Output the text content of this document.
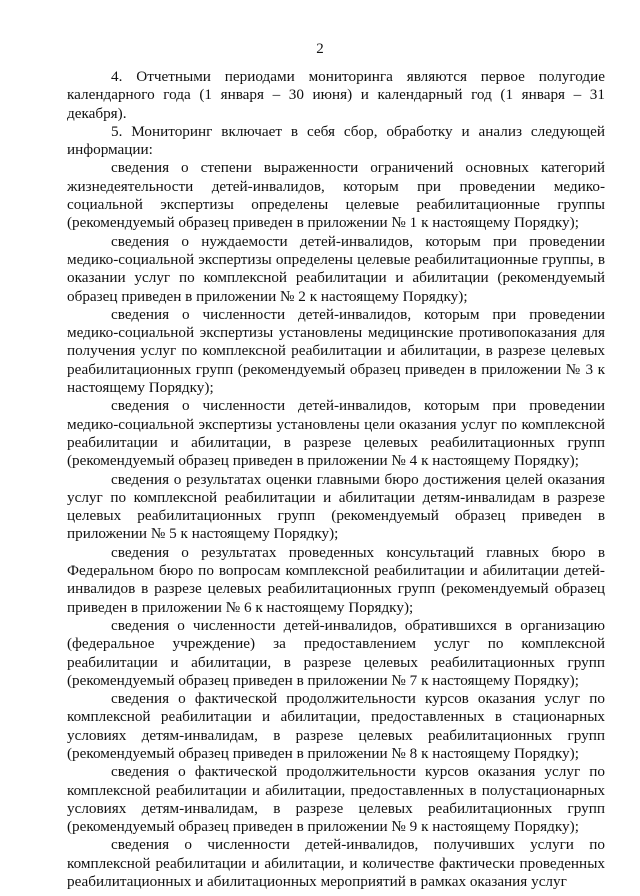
2

4. Отчетными периодами мониторинга являются первое полугодие календарного года (1 января – 30 июня) и календарный год (1 января – 31 декабря).

5. Мониторинг включает в себя сбор, обработку и анализ следующей информации:

сведения о степени выраженности ограничений основных категорий жизнедеятельности детей-инвалидов, которым при проведении медико-социальной экспертизы определены целевые реабилитационные группы (рекомендуемый образец приведен в приложении № 1 к настоящему Порядку);

сведения о нуждаемости детей-инвалидов, которым при проведении медико-социальной экспертизы определены целевые реабилитационные группы, в оказании услуг по комплексной реабилитации и абилитации (рекомендуемый образец приведен в приложении № 2 к настоящему Порядку);

сведения о численности детей-инвалидов, которым при проведении медико-социальной экспертизы установлены медицинские противопоказания для получения услуг по комплексной реабилитации и абилитации, в разрезе целевых реабилитационных групп (рекомендуемый образец приведен в приложении № 3 к настоящему Порядку);

сведения о численности детей-инвалидов, которым при проведении медико-социальной экспертизы установлены цели оказания услуг по комплексной реабилитации и абилитации, в разрезе целевых реабилитационных групп (рекомендуемый образец приведен в приложении № 4 к настоящему Порядку);

сведения о результатах оценки главными бюро достижения целей оказания услуг по комплексной реабилитации и абилитации детям-инвалидам в разрезе целевых реабилитационных групп (рекомендуемый образец приведен в приложении № 5 к настоящему Порядку);

сведения о результатах проведенных консультаций главных бюро в Федеральном бюро по вопросам комплексной реабилитации и абилитации детей-инвалидов в разрезе целевых реабилитационных групп (рекомендуемый образец приведен в приложении № 6 к настоящему Порядку);

сведения о численности детей-инвалидов, обратившихся в организацию (федеральное учреждение) за предоставлением услуг по комплексной реабилитации и абилитации, в разрезе целевых реабилитационных групп (рекомендуемый образец приведен в приложении № 7 к настоящему Порядку);

сведения о фактической продолжительности курсов оказания услуг по комплексной реабилитации и абилитации, предоставленных в стационарных условиях детям-инвалидам, в разрезе целевых реабилитационных групп (рекомендуемый образец приведен в приложении № 8 к настоящему Порядку);

сведения о фактической продолжительности курсов оказания услуг по комплексной реабилитации и абилитации, предоставленных в полустационарных условиях детям-инвалидам, в разрезе целевых реабилитационных групп (рекомендуемый образец приведен в приложении № 9 к настоящему Порядку);

сведения о численности детей-инвалидов, получивших услуги по комплексной реабилитации и абилитации, и количестве фактически проведенных реабилитационных и абилитационных мероприятий в рамках оказания услуг
